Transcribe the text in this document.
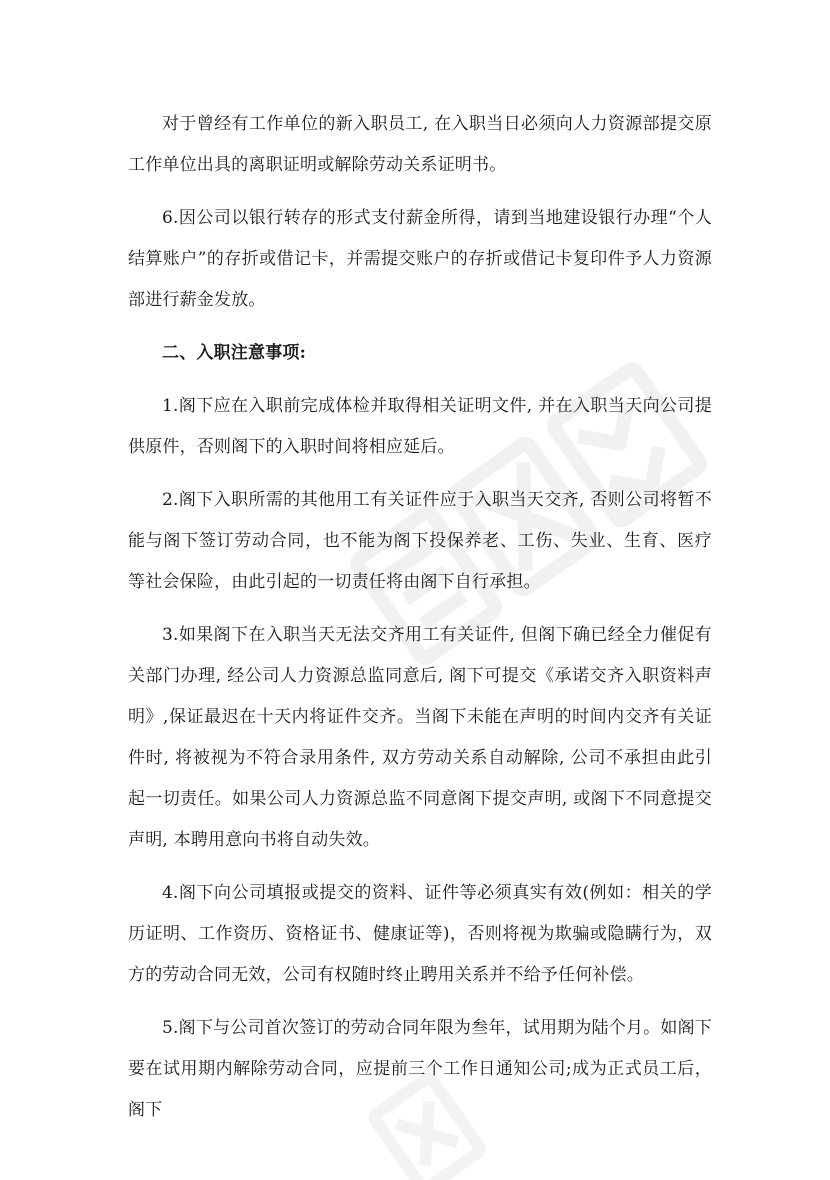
对于曾经有工作单位的新入职员工, 在入职当日必须向人力资源部提交原工作单位出具的离职证明或解除劳动关系证明书。

6.因公司以银行转存的形式支付薪金所得，请到当地建设银行办理“个人结算账户”的存折或借记卡，并需提交账户的存折或借记卡复印件予人力资源部进行薪金发放。

二、入职注意事项:

1.阁下应在入职前完成体检并取得相关证明文件, 并在入职当天向公司提供原件，否则阁下的入职时间将相应延后。

2.阁下入职所需的其他用工有关证件应于入职当天交齐, 否则公司将暂不能与阁下签订劳动合同，也不能为阁下投保养老、工伤、失业、生育、医疗等社会保险，由此引起的一切责任将由阁下自行承担。

3.如果阁下在入职当天无法交齐用工有关证件, 但阁下确已经全力催促有关部门办理, 经公司人力资源总监同意后, 阁下可提交《承诺交齐入职资料声明》,保证最迟在十天内将证件交齐。当阁下未能在声明的时间内交齐有关证件时, 将被视为不符合录用条件, 双方劳动关系自动解除, 公司不承担由此引起一切责任。如果公司人力资源总监不同意阁下提交声明, 或阁下不同意提交声明, 本聘用意向书将自动失效。

4.阁下向公司填报或提交的资料、证件等必须真实有效(例如：相关的学历证明、工作资历、资格证书、健康证等)，否则将视为欺骗或隐瞒行为，双方的劳动合同无效，公司有权随时终止聘用关系并不给予任何补偿。

5.阁下与公司首次签订的劳动合同年限为叁年，试用期为陆个月。如阁下要在试用期内解除劳动合同，应提前三个工作日通知公司;成为正式员工后，阁下
